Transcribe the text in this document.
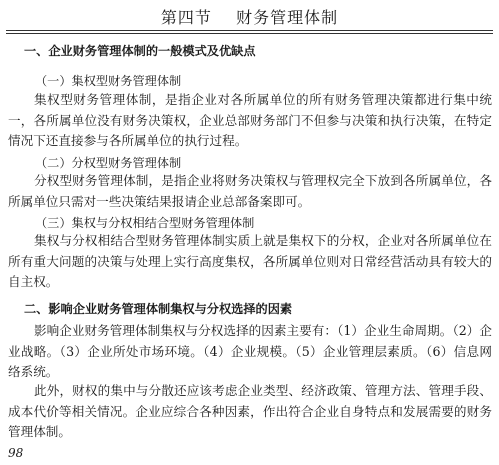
第四节    财务管理体制
一、企业财务管理体制的一般模式及优缺点
（一）集权型财务管理体制
集权型财务管理体制，是指企业对各所属单位的所有财务管理决策都进行集中统一，各所属单位没有财务决策权，企业总部财务部门不但参与决策和执行决策，在特定情况下还直接参与各所属单位的执行过程。
（二）分权型财务管理体制
分权型财务管理体制，是指企业将财务决策权与管理权完全下放到各所属单位，各所属单位只需对一些决策结果报请企业总部备案即可。
（三）集权与分权相结合型财务管理体制
集权与分权相结合型财务管理体制实质上就是集权下的分权，企业对各所属单位在所有重大问题的决策与处理上实行高度集权，各所属单位则对日常经营活动具有较大的自主权。
二、影响企业财务管理体制集权与分权选择的因素
影响企业财务管理体制集权与分权选择的因素主要有：（1）企业生命周期。（2）企业战略。（3）企业所处市场环境。（4）企业规模。（5）企业管理层素质。（6）信息网络系统。
此外，财权的集中与分散还应该考虑企业类型、经济政策、管理方法、管理手段、成本代价等相关情况。企业应综合各种因素，作出符合企业自身特点和发展需要的财务管理体制。
98
